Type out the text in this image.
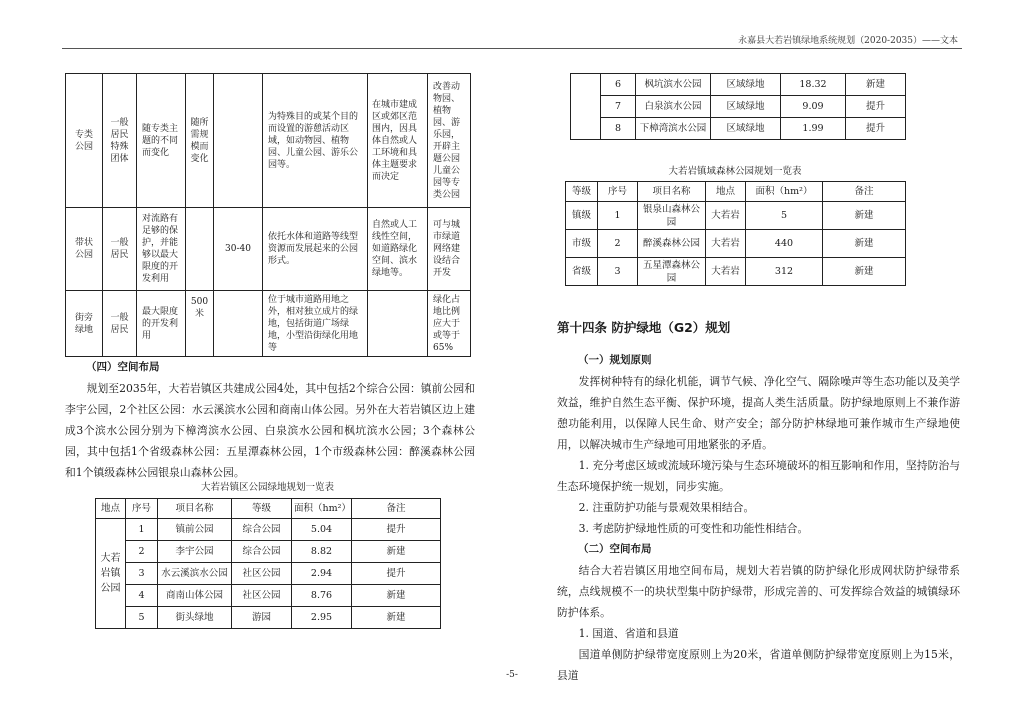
永嘉县大若岩镇绿地系统规划（2020-2035）——文本
专类公园	一般居民特殊团体	随专类主题的不同而变化	随所需规模而变化		为特殊目的或某个目的而设置的游憩活动区域，如动物园、植物园、儿童公园、游乐公园等。	在城市建成区或郊区范围内，因具体自然或人工环境和具体主题要求而决定	改善动物园、植物园、游乐园，开辟主题公园儿童公园等专类公园
带状公园	一般居民	对流路有足够的保护，并能够以最大限度的开发利用		30-40	依托水体和道路等线型资源而发展起来的公园形式。	自然或人工线性空间，如道路绿化空间、滨水绿地等。	可与城市绿道网络建设结合开发
街旁绿地	一般居民	最大限度的开发利用	500米		位于城市道路用地之外，相对独立成片的绿地，包括街道广场绿地，小型沿街绿化用地等		绿化占地比例应大于或等于65%
（四）空间布局

规划至2035年，大若岩镇区共建成公园4处，其中包括2个综合公园：镇前公园和李宇公园，2个社区公园：水云溪滨水公园和商南山体公园。另外在大若岩镇区边上建成3个滨水公园分别为下樟湾滨水公园、白泉滨水公园和枫坑滨水公园；3个森林公园，其中包括1个省级森林公园：五星潭森林公园，1个市级森林公园：醉溪森林公园和1个镇级森林公园银泉山森林公园。

大若岩镇区公园绿地规划一览表
地点	序号	项目名称	等级	面积（hm²）	备注
大若岩镇公园	1	镇前公园	综合公园	5.04	提升
	2	李宇公园	综合公园	8.82	新建
	3	水云溪滨水公园	社区公园	2.94	提升
	4	商南山体公园	社区公园	8.76	新建
	5	街头绿地	游园	2.95	新建
	6	枫坑滨水公园	区域绿地	18.32	新建
	7	白泉滨水公园	区域绿地	9.09	提升
	8	下樟湾滨水公园	区域绿地	1.99	提升
大若岩镇域森林公园规划一览表
等级	序号	项目名称	地点	面积（hm²）	备注
镇级	1	银泉山森林公园	大若岩	5	新建
市级	2	醉溪森林公园	大若岩	440	新建
省级	3	五星潭森林公园	大若岩	312	新建
第十四条 防护绿地（G2）规划
（一）规划原则

发挥树种特有的绿化机能，调节气候、净化空气、隔除噪声等生态功能以及美学效益，维护自然生态平衡、保护环境，提高人类生活质量。防护绿地原则上不兼作游憩功能利用，以保障人民生命、财产安全；部分防护林绿地可兼作城市生产绿地使用，以解决城市生产绿地可用地紧张的矛盾。

1. 充分考虑区域或流域环境污染与生态环境破坏的相互影响和作用，坚持防治与生态环境保护统一规划，同步实施。

2. 注重防护功能与景观效果相结合。

3. 考虑防护绿地性质的可变性和功能性相结合。

（二）空间布局

结合大若岩镇区用地空间布局，规划大若岩镇的防护绿化形成网状防护绿带系统，点线规模不一的块状型集中防护绿带，形成完善的、可发挥综合效益的城镇绿环防护体系。

1. 国道、省道和县道

国道单侧防护绿带宽度原则上为20米，省道单侧防护绿带宽度原则上为15米，县道

-5-
